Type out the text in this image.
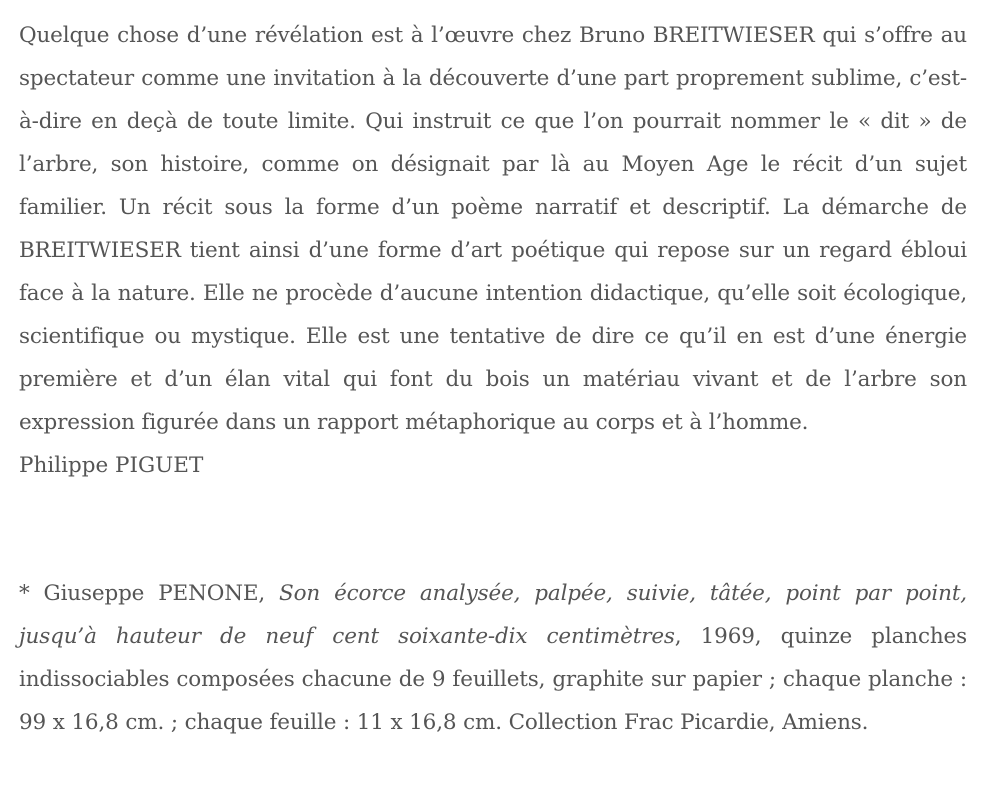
Quelque chose d’une révélation est à l’œuvre chez Bruno BREITWIESER qui s’offre au spectateur comme une invitation à la découverte d’une part proprement sublime, c’est-à-dire en deçà de toute limite. Qui instruit ce que l’on pourrait nommer le « dit » de l’arbre, son histoire, comme on désignait par là au Moyen Age le récit d’un sujet familier. Un récit sous la forme d’un poème narratif et descriptif. La démarche de BREITWIESER tient ainsi d’une forme d’art poétique qui repose sur un regard ébloui face à la nature. Elle ne procède d’aucune intention didactique, qu’elle soit écologique, scientifique ou mystique. Elle est une tentative de dire ce qu’il en est d’une énergie première et d’un élan vital qui font du bois un matériau vivant et de l’arbre son expression figurée dans un rapport métaphorique au corps et à l’homme.

Philippe PIGUET

* Giuseppe PENONE, Son écorce analysée, palpée, suivie, tâtée, point par point, jusqu’à hauteur de neuf cent soixante-dix centimètres, 1969, quinze planches indissociables composées chacune de 9 feuillets, graphite sur papier ; chaque planche : 99 x 16,8 cm. ; chaque feuille : 11 x 16,8 cm. Collection Frac Picardie, Amiens.
